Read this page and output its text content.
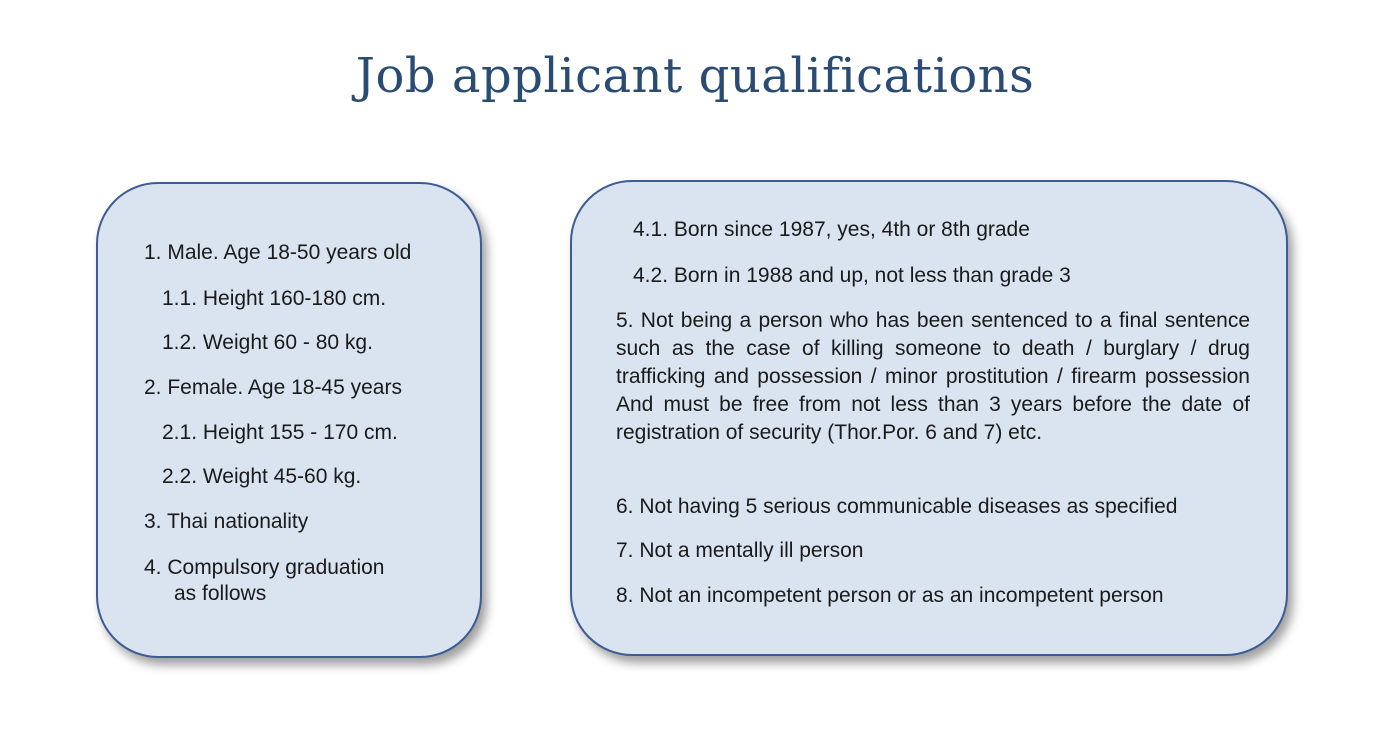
Job applicant qualifications
1. Male. Age 18-50 years old
1.1. Height 160-180 cm.
1.2. Weight 60 - 80 kg.
2. Female. Age 18-45 years
2.1. Height 155 - 170 cm.
2.2. Weight 45-60 kg.
3. Thai nationality
4. Compulsory graduation
as follows
4.1. Born since 1987, yes, 4th or 8th grade
4.2. Born in 1988 and up, not less than grade 3
5. Not being a person who has been sentenced to a final sentence such as the case of killing someone to death / burglary / drug trafficking and possession / minor prostitution / firearm possession And must be free from not less than 3 years before the date of registration of security (Thor.Por. 6 and 7) etc.
6. Not having 5 serious communicable diseases as specified
7. Not a mentally ill person
8. Not an incompetent person or as an incompetent person
